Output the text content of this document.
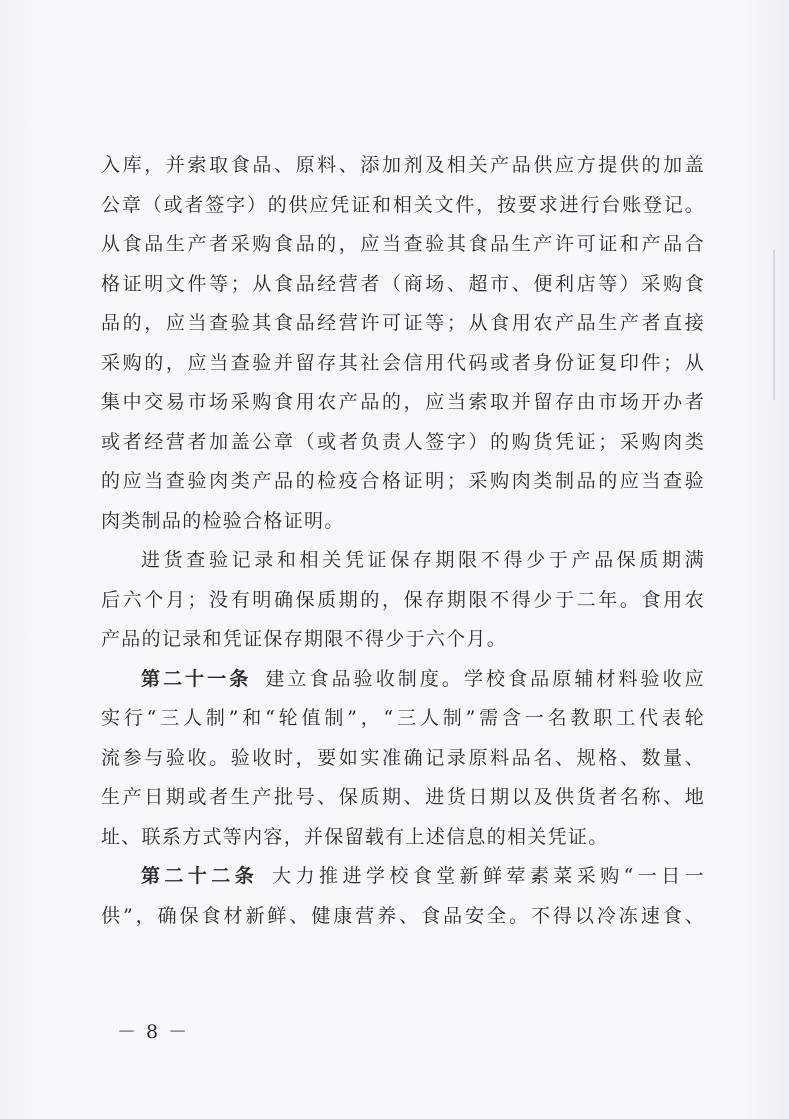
入库，并索取食品、原料、添加剂及相关产品供应方提供的加盖

公章（或者签字）的供应凭证和相关文件，按要求进行台账登记。

从食品生产者采购食品的，应当查验其食品生产许可证和产品合

格证明文件等；从食品经营者（商场、超市、便利店等）采购食

品的，应当查验其食品经营许可证等；从食用农产品生产者直接

采购的，应当查验并留存其社会信用代码或者身份证复印件；从

集中交易市场采购食用农产品的，应当索取并留存由市场开办者

或者经营者加盖公章（或者负责人签字）的购货凭证；采购肉类

的应当查验肉类产品的检疫合格证明；采购肉类制品的应当查验

肉类制品的检验合格证明。

进货查验记录和相关凭证保存期限不得少于产品保质期满

后六个月；没有明确保质期的，保存期限不得少于二年。食用农

产品的记录和凭证保存期限不得少于六个月。

第二十一条 建立食品验收制度。学校食品原辅材料验收应

实行“三人制”和“轮值制”，“三人制”需含一名教职工代表轮

流参与验收。验收时，要如实准确记录原料品名、规格、数量、

生产日期或者生产批号、保质期、进货日期以及供货者名称、地

址、联系方式等内容，并保留载有上述信息的相关凭证。

第二十二条 大力推进学校食堂新鲜荤素菜采购“一日一

供”，确保食材新鲜、健康营养、食品安全。不得以冷冻速食、

－ 8 －
